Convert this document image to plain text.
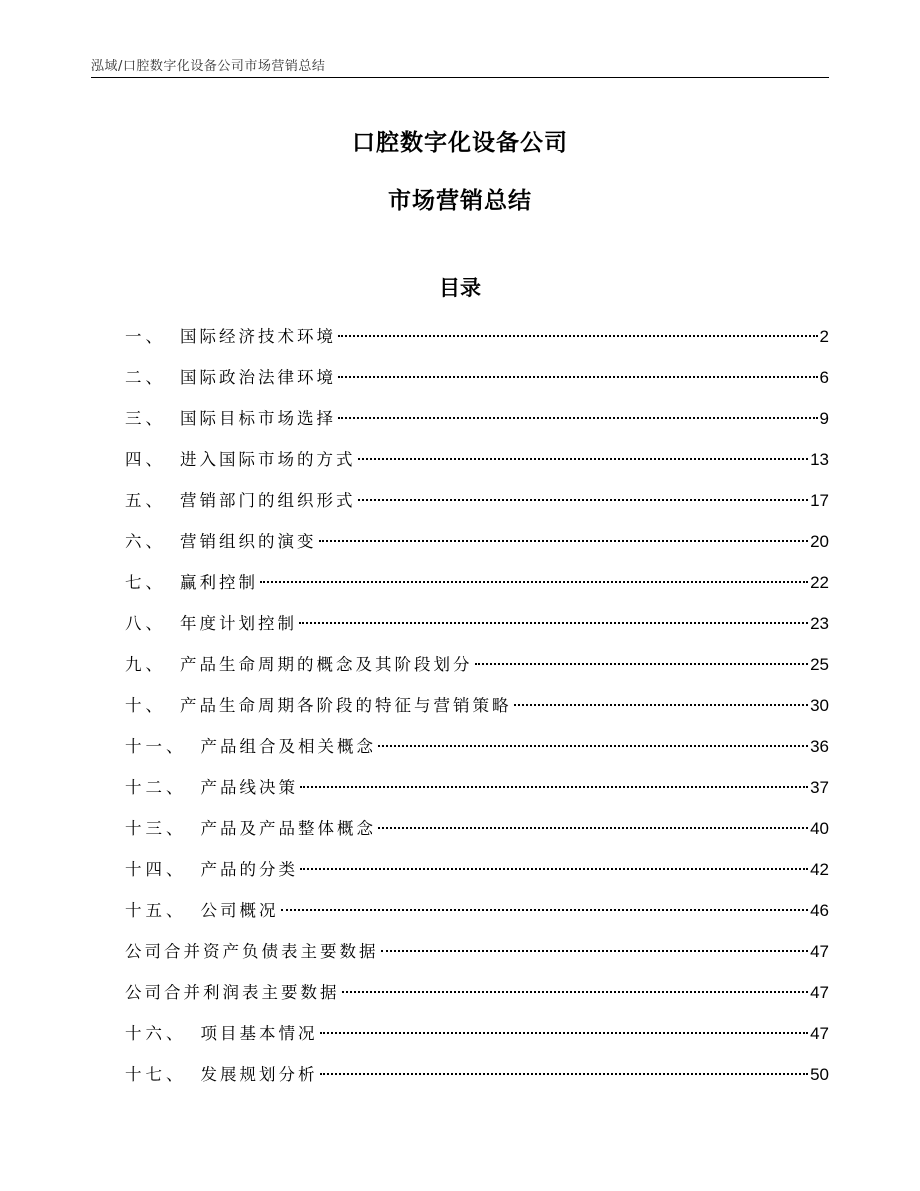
泓域/口腔数字化设备公司市场营销总结
口腔数字化设备公司
市场营销总结
目录
一、 国际经济技术环境	2
二、 国际政治法律环境	6
三、 国际目标市场选择	9
四、 进入国际市场的方式	13
五、 营销部门的组织形式	17
六、 营销组织的演变	20
七、 赢利控制	22
八、 年度计划控制	23
九、 产品生命周期的概念及其阶段划分	25
十、 产品生命周期各阶段的特征与营销策略	30
十一、 产品组合及相关概念	36
十二、 产品线决策	37
十三、 产品及产品整体概念	40
十四、 产品的分类	42
十五、 公司概况	46
公司合并资产负债表主要数据	47
公司合并利润表主要数据	47
十六、 项目基本情况	47
十七、 发展规划分析	50
